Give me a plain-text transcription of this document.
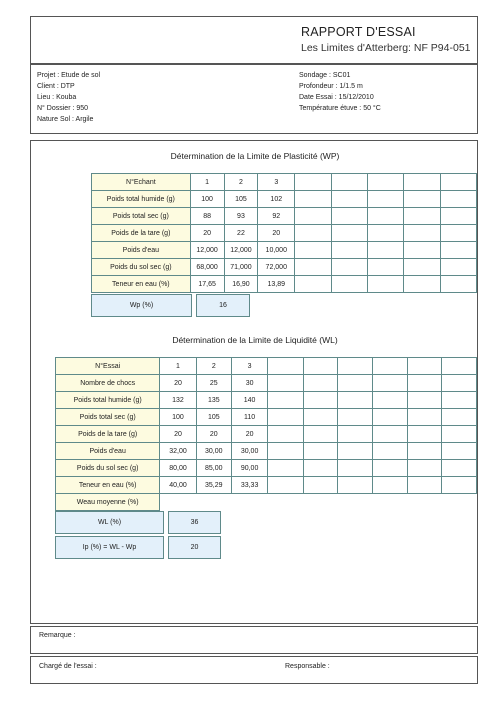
RAPPORT D'ESSAI
Les Limites d'Atterberg: NF P94-051
Projet : Etude de sol
Client : DTP
Lieu : Kouba
N° Dossier : 950
Nature Sol : Argile
Sondage : SC01
Profondeur : 1/1.5 m
Date Essai : 15/12/2010
Température étuve : 50 °C
Détermination de la Limite de Plasticité (WP)
N°Echant	1	2	3					
Poids total humide (g)	100	105	102					
Poids total sec (g)	88	93	92					
Poids de la tare (g)	20	22	20					
Poids d'eau	12,000	12,000	10,000					
Poids du sol sec (g)	68,000	71,000	72,000					
Teneur en eau (%)	17,65	16,90	13,89					
Wp (%)		16
Détermination de la Limite de Liquidité (WL)
N°Essai	1	2	3						
Nombre de chocs	20	25	30						
Poids total humide (g)	132	135	140						
Poids total sec (g)	100	105	110						
Poids de la tare (g)	20	20	20						
Poids d'eau	32,00	30,00	30,00						
Poids du sol sec (g)	80,00	85,00	90,00						
Teneur en eau (%)	40,00	35,29	33,33						
Weau moyenne (%)									
WL (%)		36
Ip (%) = WL - Wp		20
Remarque :
Chargé de l'essai :	Responsable :
